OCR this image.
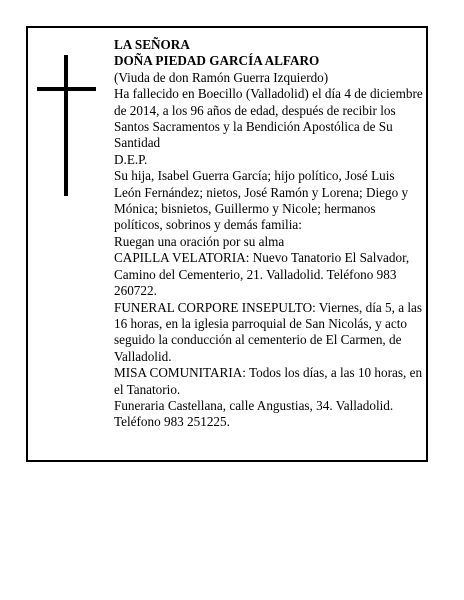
LA SEÑORA

DOÑA PIEDAD GARCÍA ALFARO

(Viuda de don Ramón Guerra Izquierdo)

Ha fallecido en Boecillo (Valladolid) el día 4 de diciembre de 2014, a los 96 años de edad, después de recibir los Santos Sacramentos y la Bendición Apostólica de Su Santidad

D.E.P.

Su hija, Isabel Guerra García; hijo político, José Luis León Fernández; nietos, José Ramón y Lorena; Diego y Mónica; bisnietos, Guillermo y Nicole; hermanos políticos, sobrinos y demás familia:

Ruegan una oración por su alma

CAPILLA VELATORIA: Nuevo Tanatorio El Salvador, Camino del Cementerio, 21. Valladolid. Teléfono 983 260722.

FUNERAL CORPORE INSEPULTO: Viernes, día 5, a las 16 horas, en la iglesia parroquial de San Nicolás, y acto seguido la conducción al cementerio de El Carmen, de Valladolid.

MISA COMUNITARIA: Todos los días, a las 10 horas, en el Tanatorio.

Funeraria Castellana, calle Angustias, 34. Valladolid. Teléfono 983 251225.
